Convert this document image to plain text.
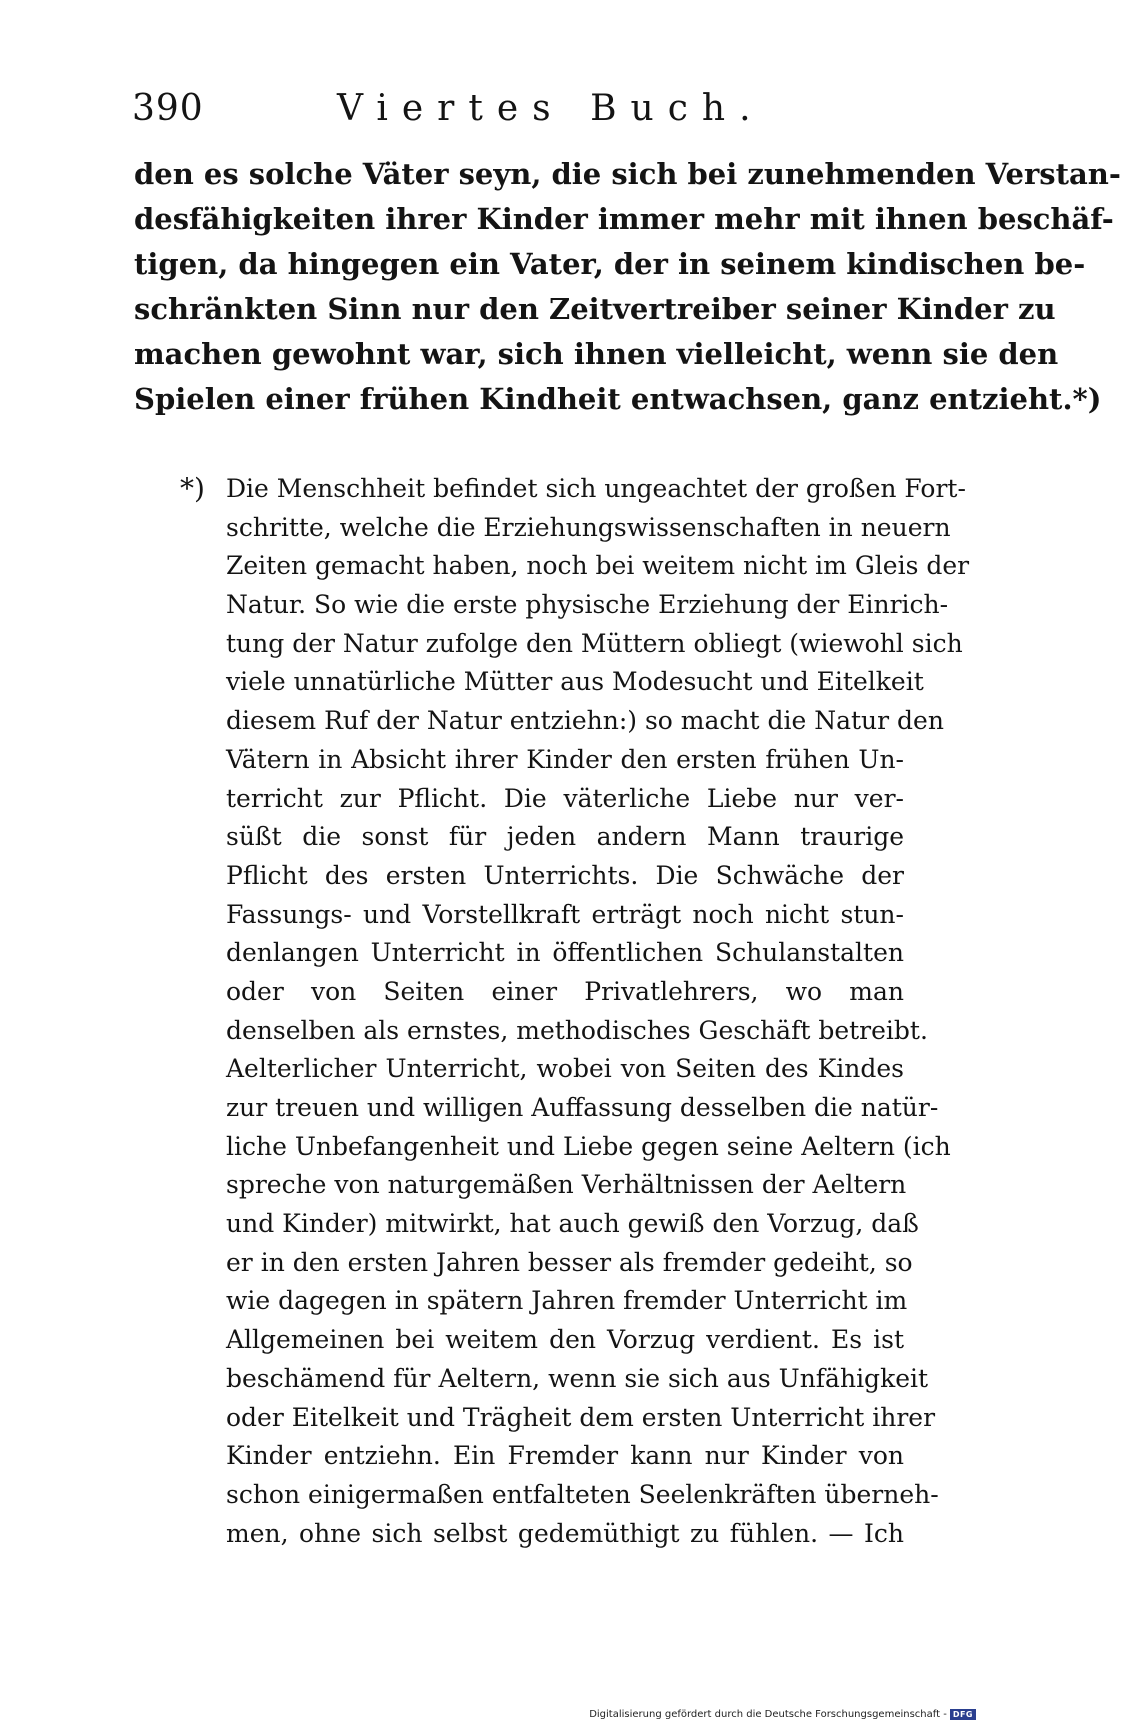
390	Viertes Buch.
den es solche Väter seyn, die sich bei zunehmenden Verstan-
desfähigkeiten ihrer Kinder immer mehr mit ihnen beschäf-
tigen, da hingegen ein Vater, der in seinem kindischen be-
schränkten Sinn nur den Zeitvertreiber seiner Kinder zu
machen gewohnt war, sich ihnen vielleicht, wenn sie den
Spielen einer frühen Kindheit entwachsen, ganz entzieht.*)
*) Die Menschheit befindet sich ungeachtet der großen Fort-
schritte, welche die Erziehungswissenschaften in neuern
Zeiten gemacht haben, noch bei weitem nicht im Gleis der
Natur. So wie die erste physische Erziehung der Einrich-
tung der Natur zufolge den Müttern obliegt (wiewohl sich
viele unnatürliche Mütter aus Modesucht und Eitelkeit
diesem Ruf der Natur entziehn:) so macht die Natur den
Vätern in Absicht ihrer Kinder den ersten frühen Un-
terricht zur Pflicht. Die väterliche Liebe nur ver-
süßt die sonst für jeden andern Mann traurige
Pflicht des ersten Unterrichts. Die Schwäche der
Fassungs- und Vorstellkraft erträgt noch nicht stun-
denlangen Unterricht in öffentlichen Schulanstalten
oder von Seiten einer Privatlehrers, wo man
denselben als ernstes, methodisches Geschäft betreibt.
Aelterlicher Unterricht, wobei von Seiten des Kindes
zur treuen und willigen Auffassung desselben die natür-
liche Unbefangenheit und Liebe gegen seine Aeltern (ich
spreche von naturgemäßen Verhältnissen der Aeltern
und Kinder) mitwirkt, hat auch gewiß den Vorzug, daß
er in den ersten Jahren besser als fremder gedeiht, so
wie dagegen in spätern Jahren fremder Unterricht im
Allgemeinen bei weitem den Vorzug verdient. Es ist
beschämend für Aeltern, wenn sie sich aus Unfähigkeit
oder Eitelkeit und Trägheit dem ersten Unterricht ihrer
Kinder entziehn. Ein Fremder kann nur Kinder von
schon einigermaßen entfalteten Seelenkräften überneh-
men, ohne sich selbst gedemüthigt zu fühlen. — Ich
Digitalisierung gefördert durch die Deutsche Forschungsgemeinschaft - DFG
